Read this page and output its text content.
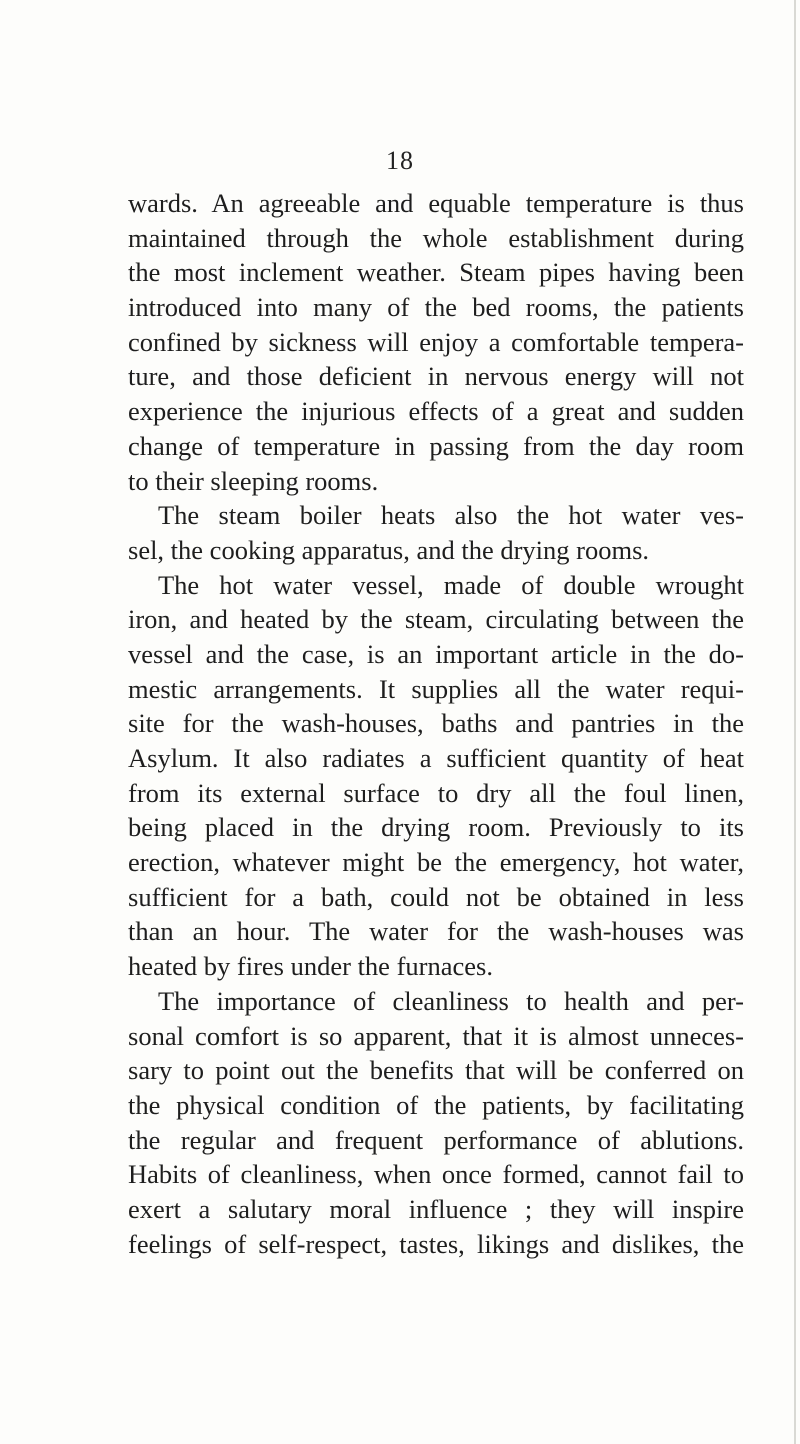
18
wards. An agreeable and equable temperature is thus
maintained through the whole establishment during
the most inclement weather. Steam pipes having been
introduced into many of the bed rooms, the patients
confined by sickness will enjoy a comfortable tempera-
ture, and those deficient in nervous energy will not
experience the injurious effects of a great and sudden
change of temperature in passing from the day room
to their sleeping rooms.
The steam boiler heats also the hot water ves-
sel, the cooking apparatus, and the drying rooms.
The hot water vessel, made of double wrought
iron, and heated by the steam, circulating between the
vessel and the case, is an important article in the do-
mestic arrangements. It supplies all the water requi-
site for the wash-houses, baths and pantries in the
Asylum. It also radiates a sufficient quantity of heat
from its external surface to dry all the foul linen,
being placed in the drying room. Previously to its
erection, whatever might be the emergency, hot water,
sufficient for a bath, could not be obtained in less
than an hour. The water for the wash-houses was
heated by fires under the furnaces.
The importance of cleanliness to health and per-
sonal comfort is so apparent, that it is almost unneces-
sary to point out the benefits that will be conferred on
the physical condition of the patients, by facilitating
the regular and frequent performance of ablutions.
Habits of cleanliness, when once formed, cannot fail to
exert a salutary moral influence ; they will inspire
feelings of self-respect, tastes, likings and dislikes, the
